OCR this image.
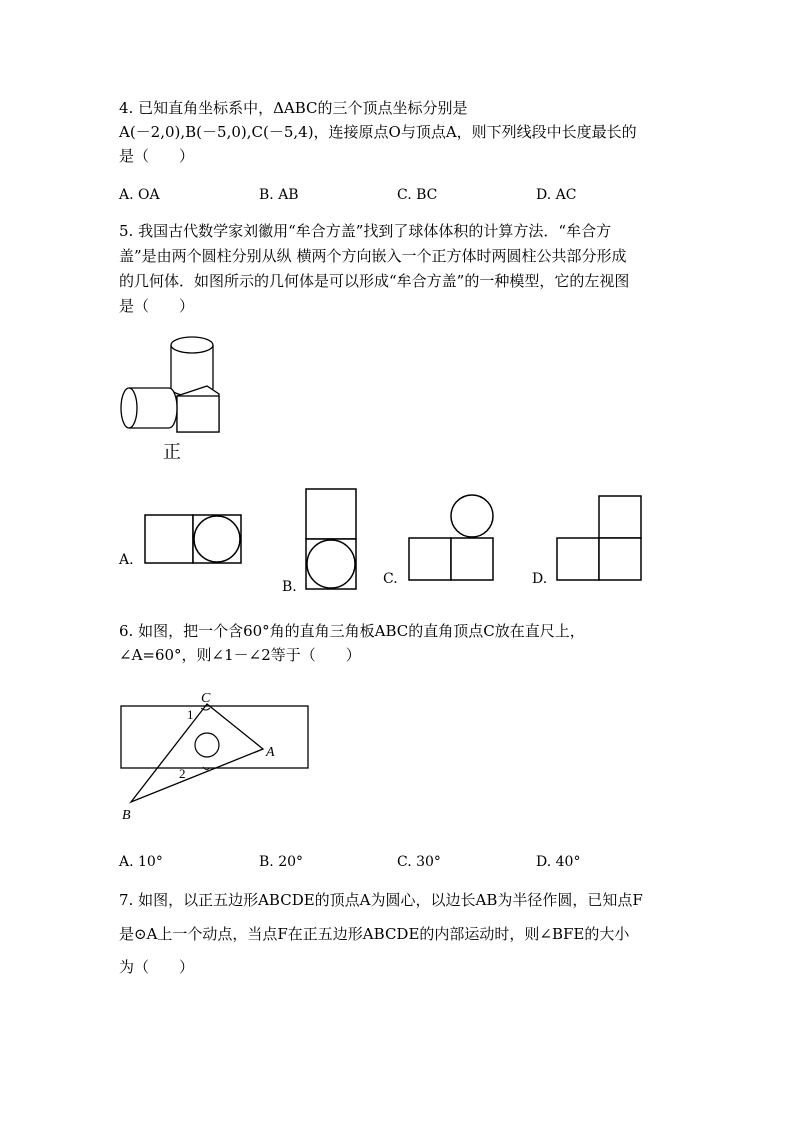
4. 已知直角坐标系中，ΔABC的三个顶点坐标分别是
A(－2,0),B(－5,0),C(－5,4)，连接原点O与顶点A，则下列线段中长度最长的
是（　　）
A. OA	B. AB	C. BC	D. AC
5. 我国古代数学家刘徽用“牟合方盖”找到了球体体积的计算方法．“牟合方
盖”是由两个圆柱分别从纵 横两个方向嵌入一个正方体时两圆柱公共部分形成
的几何体．如图所示的几何体是可以形成“牟合方盖”的一种模型，它的左视图
是（　　）
正
A.
B.	C.	D.
6. 如图，把一个含60°角的直角三角板ABC的直角顶点C放在直尺上，
∠A=60°，则∠1－∠2等于（　　）
C
A
B
1
2
A. 10°	B. 20°	C. 30°	D. 40°
7. 如图，以正五边形ABCDE的顶点A为圆心，以边长AB为半径作圆，已知点F
是⊙A上一个动点，当点F在正五边形ABCDE的内部运动时，则∠BFE的大小
为（　　）
